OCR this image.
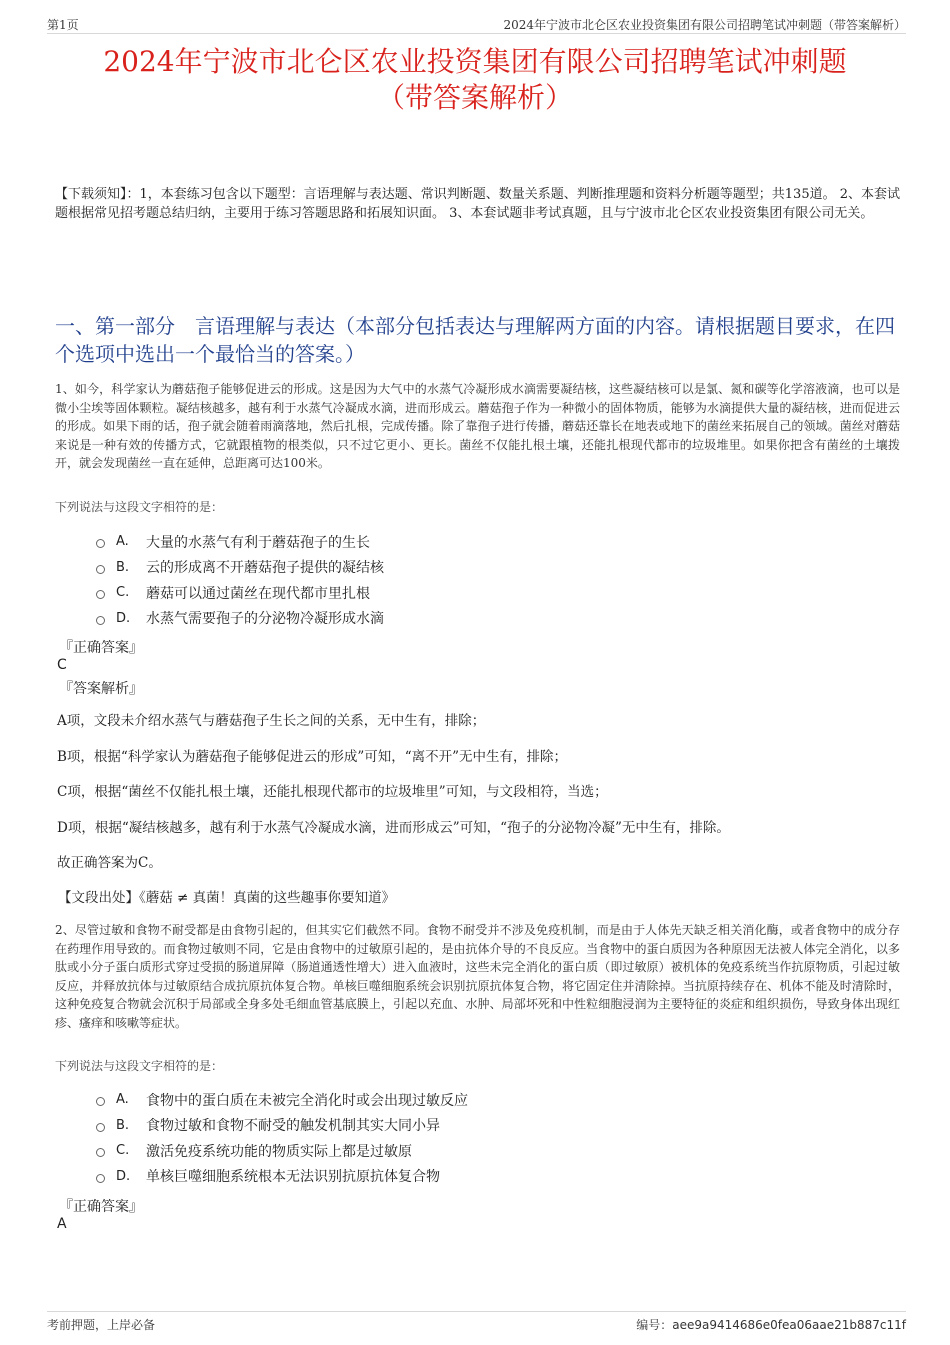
第1页	2024年宁波市北仑区农业投资集团有限公司招聘笔试冲刺题（带答案解析）
2024年宁波市北仑区农业投资集团有限公司招聘笔试冲刺题
（带答案解析）
【下载须知】：1，本套练习包含以下题型：言语理解与表达题、常识判断题、数量关系题、判断推理题和资料分析题等题型；共135道。 2、本套试题根据常见招考题总结归纳，主要用于练习答题思路和拓展知识面。 3、本套试题非考试真题，且与宁波市北仑区农业投资集团有限公司无关。
一、第一部分　言语理解与表达（本部分包括表达与理解两方面的内容。请根据题目要求，在四个选项中选出一个最恰当的答案。）
1、如今，科学家认为蘑菇孢子能够促进云的形成。这是因为大气中的水蒸气冷凝形成水滴需要凝结核，这些凝结核可以是氯、氮和碳等化学溶液滴，也可以是微小尘埃等固体颗粒。凝结核越多，越有利于水蒸气冷凝成水滴，进而形成云。蘑菇孢子作为一种微小的固体物质，能够为水滴提供大量的凝结核，进而促进云的形成。如果下雨的话，孢子就会随着雨滴落地，然后扎根，完成传播。除了靠孢子进行传播，蘑菇还靠长在地表或地下的菌丝来拓展自己的领域。菌丝对蘑菇来说是一种有效的传播方式，它就跟植物的根类似，只不过它更小、更长。菌丝不仅能扎根土壤，还能扎根现代都市的垃圾堆里。如果你把含有菌丝的土壤拨开，就会发现菌丝一直在延伸，总距离可达100米。
下列说法与这段文字相符的是：
A.	大量的水蒸气有利于蘑菇孢子的生长
B.	云的形成离不开蘑菇孢子提供的凝结核
C.	蘑菇可以通过菌丝在现代都市里扎根
D.	水蒸气需要孢子的分泌物冷凝形成水滴
『正确答案』
C
『答案解析』

A项，文段未介绍水蒸气与蘑菇孢子生长之间的关系，无中生有，排除；

B项，根据“科学家认为蘑菇孢子能够促进云的形成”可知，“离不开”无中生有，排除；

C项，根据“菌丝不仅能扎根土壤，还能扎根现代都市的垃圾堆里”可知，与文段相符，当选；

D项，根据“凝结核越多，越有利于水蒸气冷凝成水滴，进而形成云”可知，“孢子的分泌物冷凝”无中生有，排除。

故正确答案为C。

【文段出处】《蘑菇 ≠ 真菌！真菌的这些趣事你要知道》
2、尽管过敏和食物不耐受都是由食物引起的，但其实它们截然不同。食物不耐受并不涉及免疫机制，而是由于人体先天缺乏相关消化酶，或者食物中的成分存在药理作用导致的。而食物过敏则不同，它是由食物中的过敏原引起的，是由抗体介导的不良反应。当食物中的蛋白质因为各种原因无法被人体完全消化，以多肽或小分子蛋白质形式穿过受损的肠道屏障（肠道通透性增大）进入血液时，这些未完全消化的蛋白质（即过敏原）被机体的免疫系统当作抗原物质，引起过敏反应，并释放抗体与过敏原结合成抗原抗体复合物。单核巨噬细胞系统会识别抗原抗体复合物，将它固定住并清除掉。当抗原持续存在、机体不能及时清除时，这种免疫复合物就会沉积于局部或全身多处毛细血管基底膜上，引起以充血、水肿、局部坏死和中性粒细胞浸润为主要特征的炎症和组织损伤，导致身体出现红疹、瘙痒和咳嗽等症状。
下列说法与这段文字相符的是：
A.	食物中的蛋白质在未被完全消化时或会出现过敏反应
B.	食物过敏和食物不耐受的触发机制其实大同小异
C.	激活免疫系统功能的物质实际上都是过敏原
D.	单核巨噬细胞系统根本无法识别抗原抗体复合物
『正确答案』
A
考前押题，上岸必备	编号：aee9a9414686e0fea06aae21b887c11f
